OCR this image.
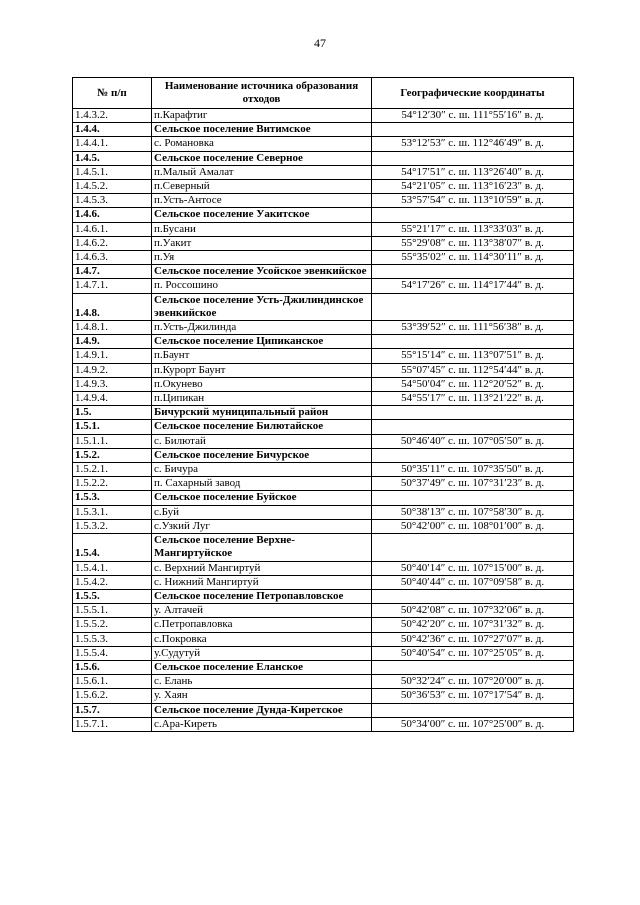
47
№ п/п	Наименование источника образования отходов	Географические координаты
1.4.3.2.	п.Карафтиг	54°12′30″ с. ш. 111°55′16″ в. д.
1.4.4.	Сельское поселение Витимское	
1.4.4.1.	с. Романовка	53°12′53″ с. ш. 112°46′49″ в. д.
1.4.5.	Сельское поселение Северное	
1.4.5.1.	п.Малый Амалат	54°17′51″ с. ш. 113°26′40″ в. д.
1.4.5.2.	п.Северный	54°21′05″ с. ш. 113°16′23″ в. д.
1.4.5.3.	п.Усть-Антосе	53°57′54″ с. ш. 113°10′59″ в. д.
1.4.6.	Сельское поселение Уакитское	
1.4.6.1.	п.Бусани	55°21′17″ с. ш. 113°33′03″ в. д.
1.4.6.2.	п.Уакит	55°29′08″ с. ш. 113°38′07″ в. д.
1.4.6.3.	п.Уя	55°35′02″ с. ш. 114°30′11″ в. д.
1.4.7.	Сельское поселение Усойское эвенкийское	
1.4.7.1.	п. Россошино	54°17′26″ с. ш. 114°17′44″ в. д.
1.4.8.	Сельское поселение Усть-Джилиндинское эвенкийское	
1.4.8.1.	п.Усть-Джилинда	53°39′52″ с. ш. 111°56′38″ в. д.
1.4.9.	Сельское поселение Ципиканское	
1.4.9.1.	п.Баунт	55°15′14″ с. ш. 113°07′51″ в. д.
1.4.9.2.	п.Курорт Баунт	55°07′45″ с. ш. 112°54′44″ в. д.
1.4.9.3.	п.Окунево	54°50′04″ с. ш. 112°20′52″ в. д.
1.4.9.4.	п.Ципикан	54°55′17″ с. ш. 113°21′22″ в. д.
1.5.	Бичурский муниципальный район	
1.5.1.	Сельское поселение Билютайское	
1.5.1.1.	с. Билютай	50°46′40″ с. ш. 107°05′50″ в. д.
1.5.2.	Сельское поселение Бичурское	
1.5.2.1.	с. Бичура	50°35′11″ с. ш. 107°35′50″ в. д.
1.5.2.2.	п. Сахарный завод	50°37′49″ с. ш. 107°31′23″ в. д.
1.5.3.	Сельское поселение Буйское	
1.5.3.1.	с.Буй	50°38′13″ с. ш. 107°58′30″ в. д.
1.5.3.2.	с.Узкий Луг	50°42′00″ с. ш. 108°01′00″ в. д.
1.5.4.	Сельское поселение Верхне-Мангиртуйское	
1.5.4.1.	с. Верхний Мангиртуй	50°40′14″ с. ш. 107°15′00″ в. д.
1.5.4.2.	с. Нижний Мангиртуй	50°40′44″ с. ш. 107°09′58″ в. д.
1.5.5.	Сельское поселение Петропавловское	
1.5.5.1.	у. Алтачей	50°42′08″ с. ш. 107°32′06″ в. д.
1.5.5.2.	с.Петропавловка	50°42′20″ с. ш. 107°31′32″ в. д.
1.5.5.3.	с.Покровка	50°42′36″ с. ш. 107°27′07″ в. д.
1.5.5.4.	у.Судутуй	50°40′54″ с. ш. 107°25′05″ в. д.
1.5.6.	Сельское поселение Еланское	
1.5.6.1.	с. Елань	50°32′24″ с. ш. 107°20′00″ в. д.
1.5.6.2.	у. Хаян	50°36′53″ с. ш. 107°17′54″ в. д.
1.5.7.	Сельское поселение Дунда-Киретское	
1.5.7.1.	с.Ара-Киреть	50°34′00″ с. ш. 107°25′00″ в. д.
